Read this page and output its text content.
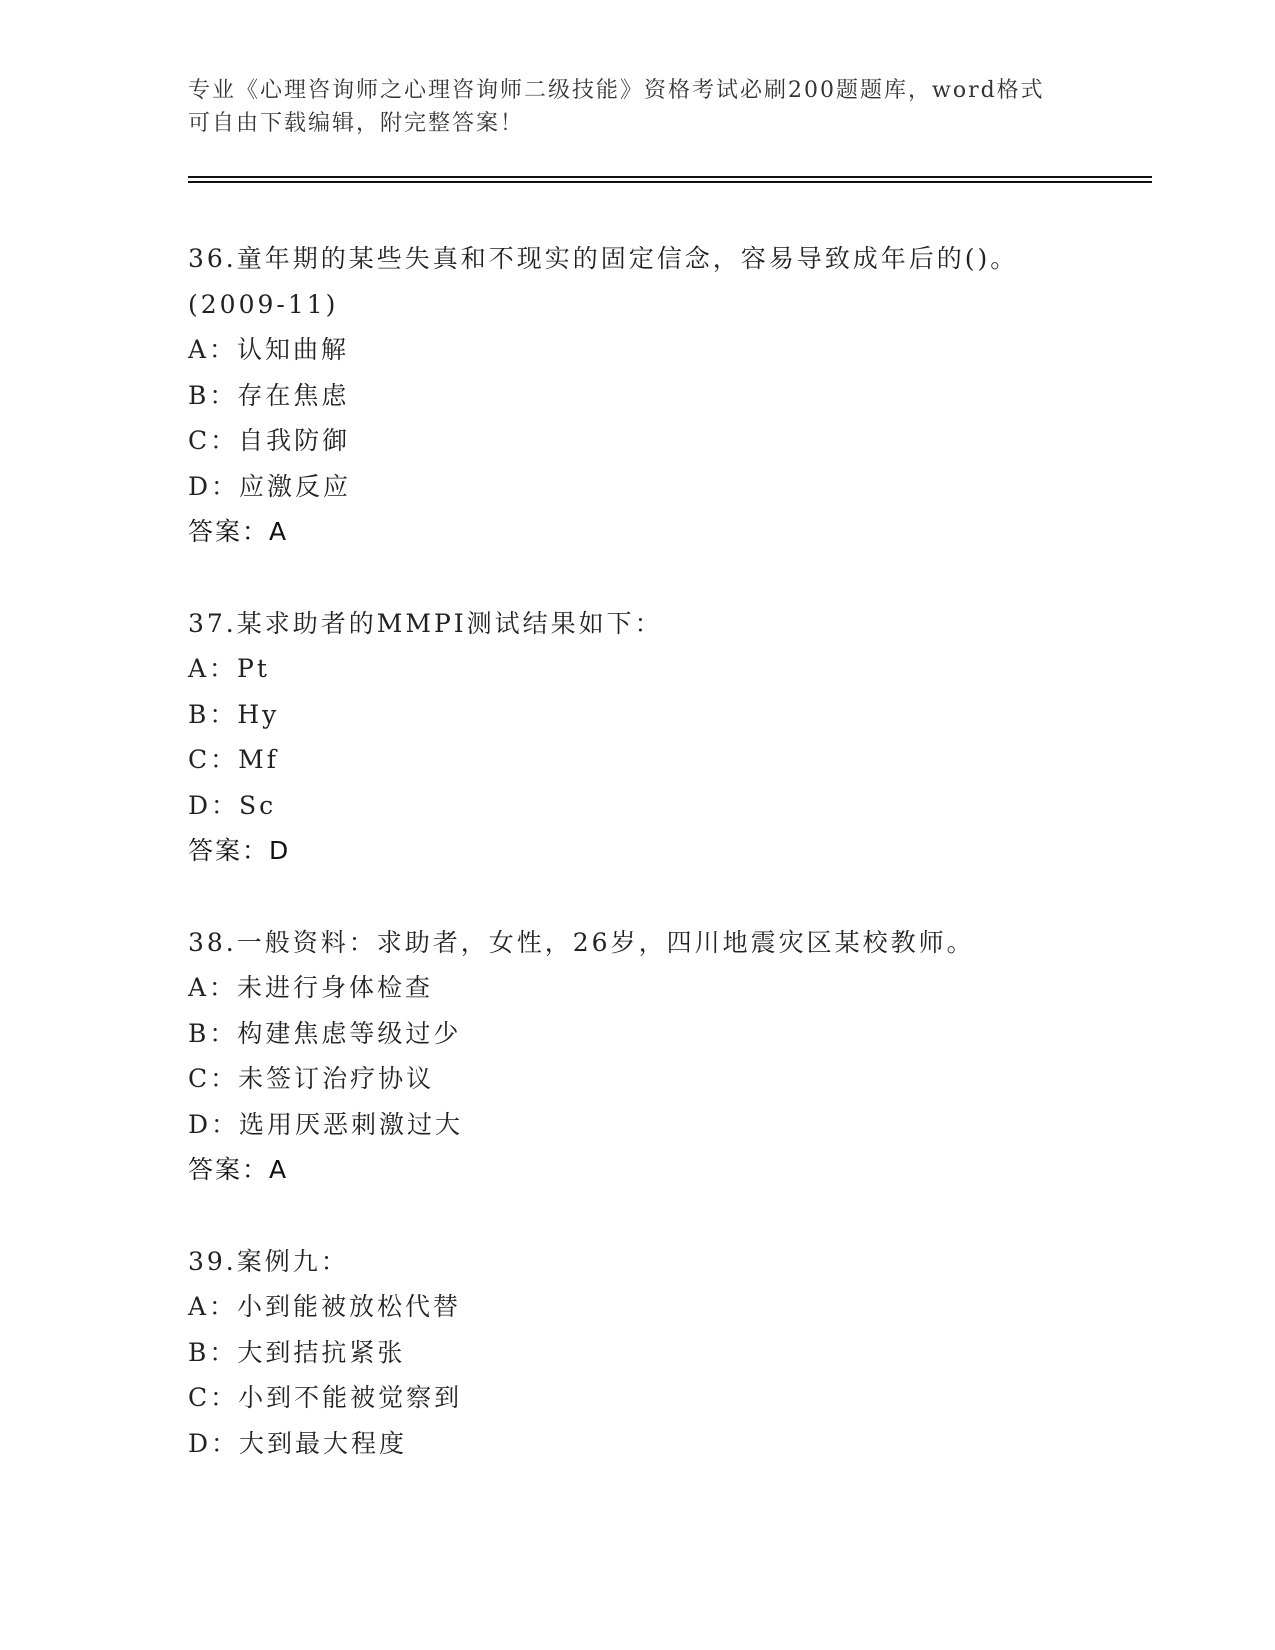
专业《心理咨询师之心理咨询师二级技能》资格考试必刷200题题库，word格式
可自由下载编辑，附完整答案！
36.童年期的某些失真和不现实的固定信念，容易导致成年后的()。
(2009-11)
A：认知曲解
B：存在焦虑
C：自我防御
D：应激反应
答案：A
37.某求助者的MMPI测试结果如下：
A：Pt
B：Hy
C：Mf
D：Sc
答案：D
38.一般资料：求助者，女性，26岁，四川地震灾区某校教师。
A：未进行身体检查
B：构建焦虑等级过少
C：未签订治疗协议
D：选用厌恶刺激过大
答案：A
39.案例九：
A：小到能被放松代替
B：大到拮抗紧张
C：小到不能被觉察到
D：大到最大程度
